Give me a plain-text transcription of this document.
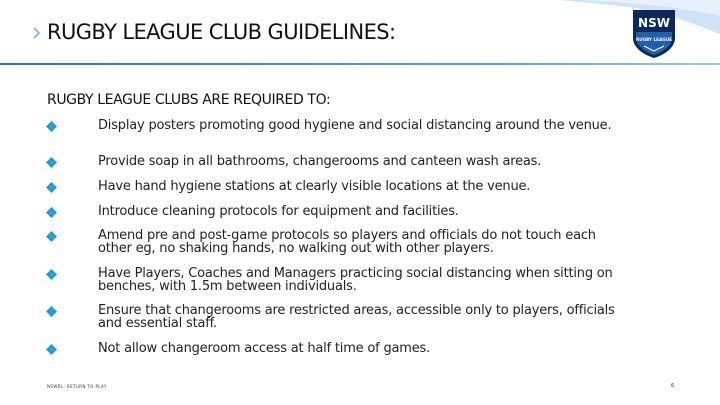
RUGBY LEAGUE CLUB GUIDELINES:	NSW
RUGBY LEAGUE
RUGBY LEAGUE CLUBS ARE REQUIRED TO:
Display posters promoting good hygiene and social distancing around the venue.
Provide soap in all bathrooms, changerooms and canteen wash areas.
Have hand hygiene stations at clearly visible locations at the venue.
Introduce cleaning protocols for equipment and facilities.
Amend pre and post-game protocols so players and officials do not touch each other eg, no shaking hands, no walking out with other players.
Have Players, Coaches and Managers practicing social distancing when sitting on benches, with 1.5m between individuals.
Ensure that changerooms are restricted areas, accessible only to players, officials and essential staff.
Not allow changeroom access at half time of games.
NSWRL: RETURN TO PLAY	6
